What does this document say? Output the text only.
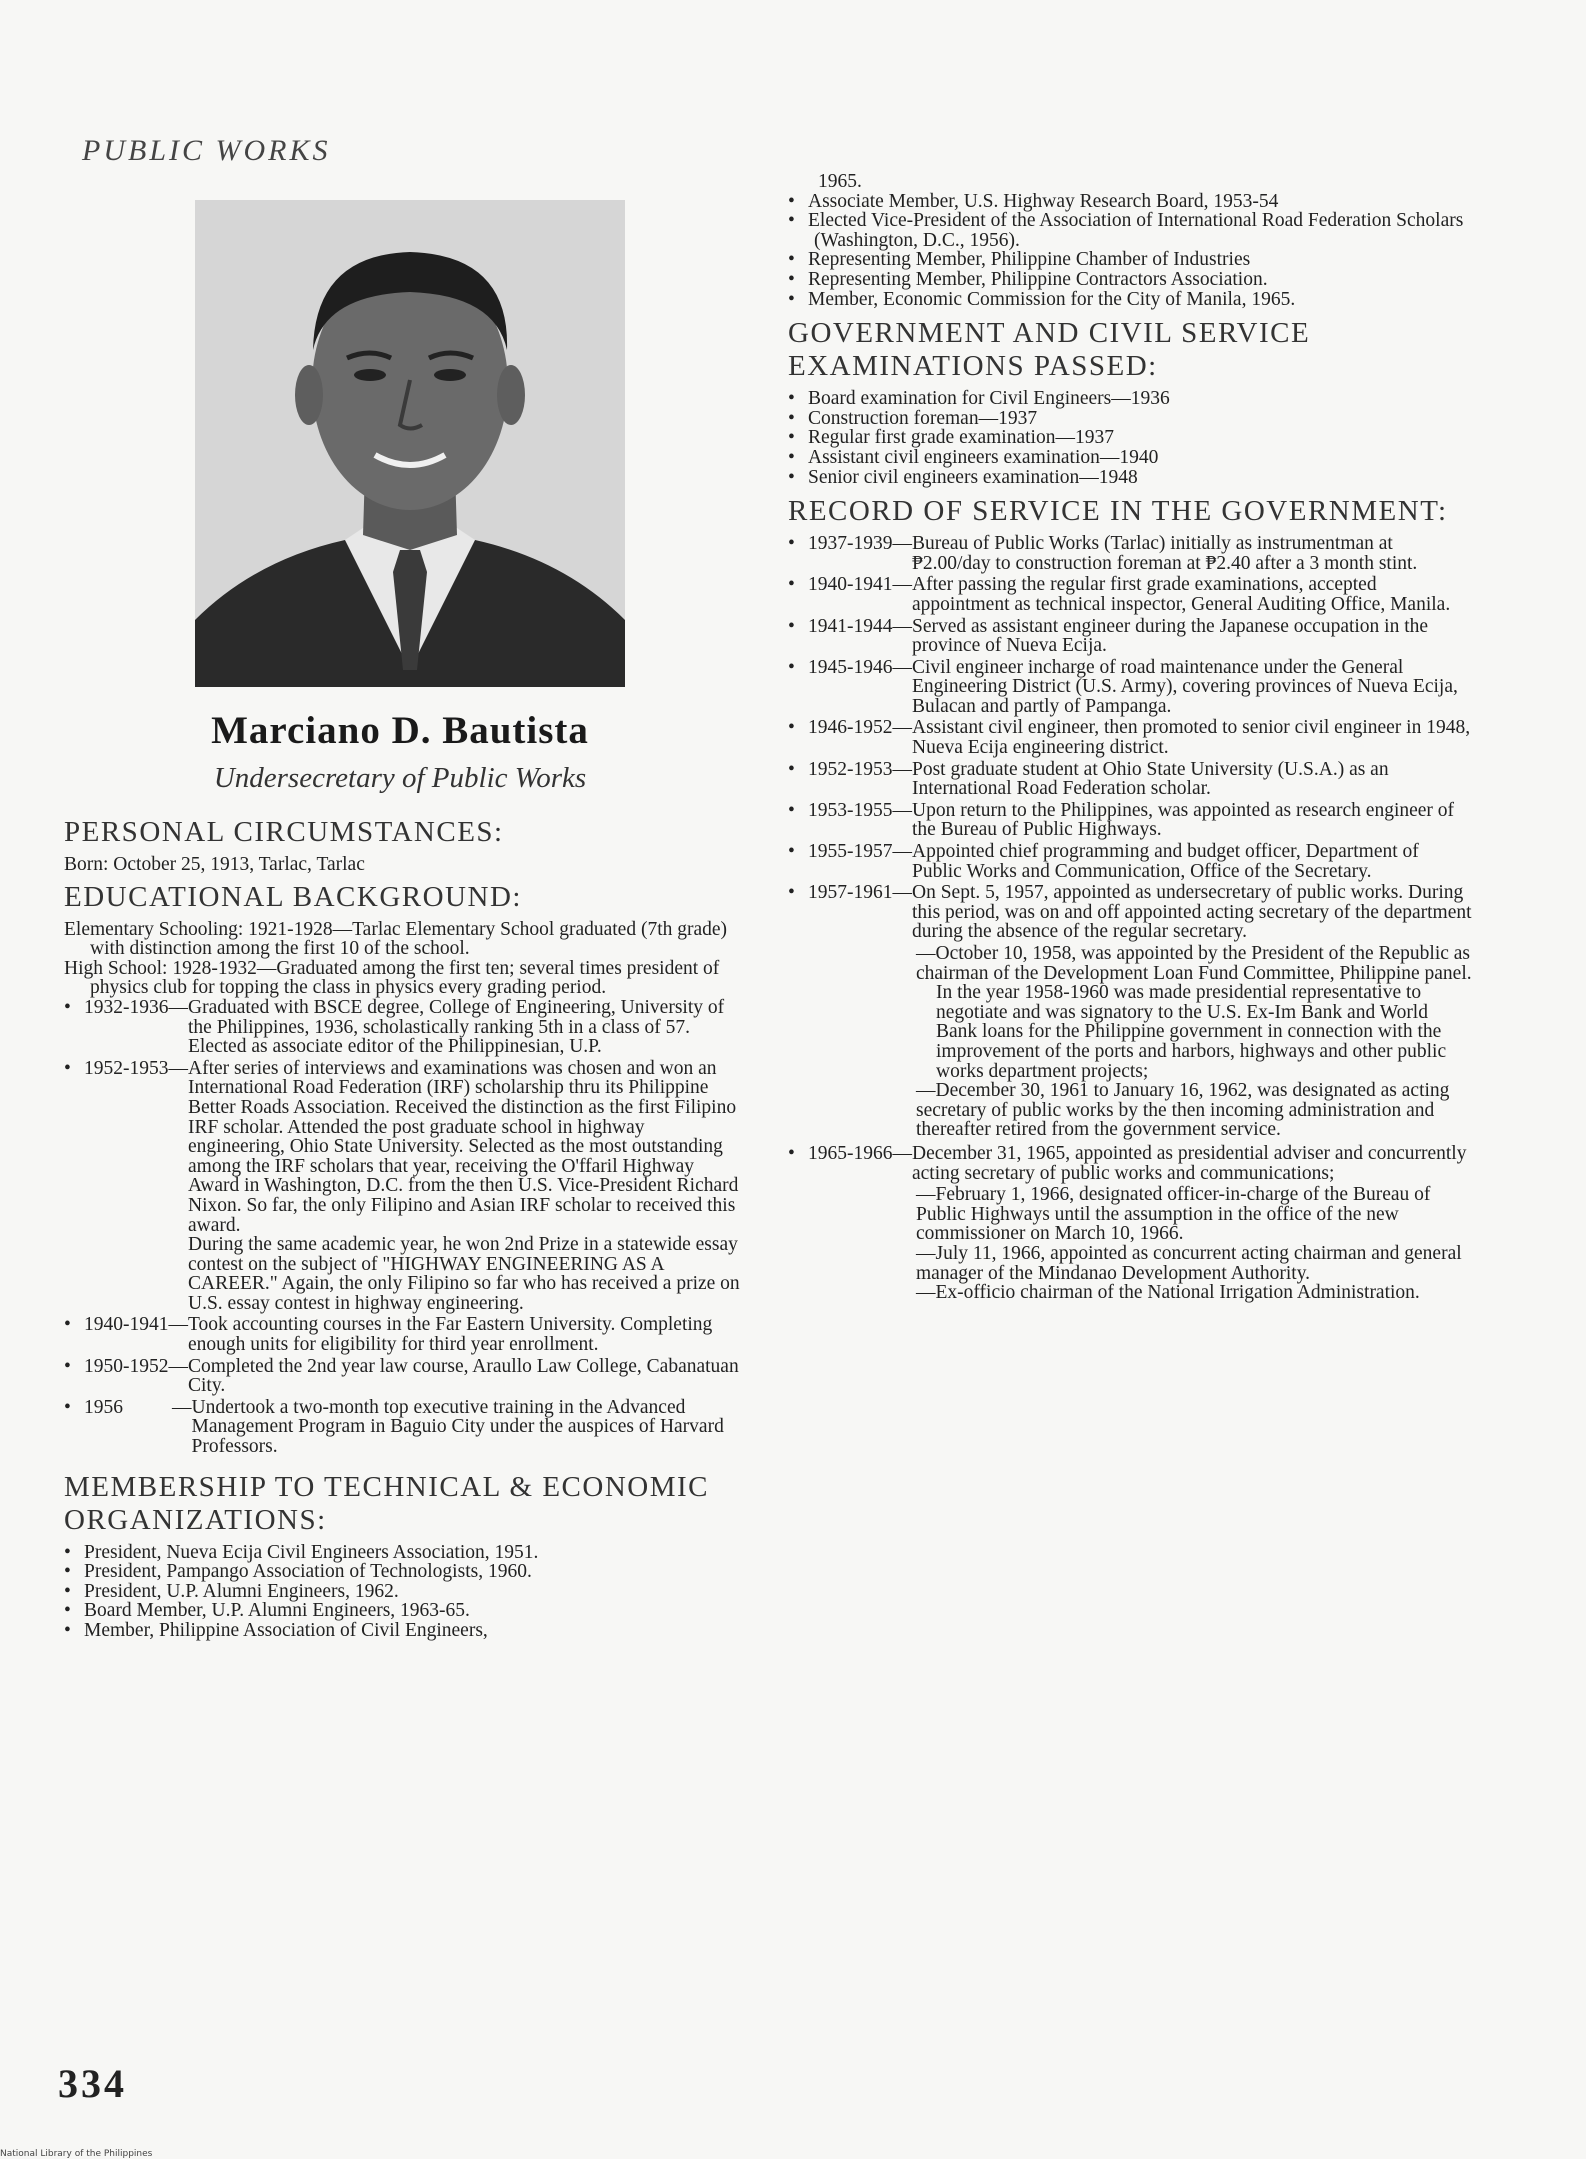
PUBLIC WORKS
Marciano D. Bautista
Undersecretary of Public Works
PERSONAL CIRCUMSTANCES:
Born: October 25, 1913, Tarlac, Tarlac
EDUCATIONAL BACKGROUND:
Elementary Schooling: 1921-1928—Tarlac Elementary School graduated (7th grade) with distinction among the first 10 of the school.
High School: 1928-1932—Graduated among the first ten; several times president of physics club for topping the class in physics every grading period.
• 1932-1936 — Graduated with BSCE degree, College of Engineering, University of the Philippines, 1936, scholastically ranking 5th in a class of 57. Elected as associate editor of the Philippinesian, U.P.
• 1952-1953 — After series of interviews and examinations was chosen and won an International Road Federation (IRF) scholarship thru its Philippine Better Roads Association. Received the distinction as the first Filipino IRF scholar. Attended the post graduate school in highway engineering, Ohio State University. Selected as the most outstanding among the IRF scholars that year, receiving the O'ffaril Highway Award in Washington, D.C. from the then U.S. Vice-President Richard Nixon. So far, the only Filipino and Asian IRF scholar to received this award.
During the same academic year, he won 2nd Prize in a statewide essay contest on the subject of "HIGHWAY ENGINEERING AS A CAREER." Again, the only Filipino so far who has received a prize on U.S. essay contest in highway engineering.
• 1940-1941 — Took accounting courses in the Far Eastern University. Completing enough units for eligibility for third year enrollment.
• 1950-1952 — Completed the 2nd year law course, Araullo Law College, Cabanatuan City.
• 1956	— Undertook a two-month top executive training in the Advanced Management Program in Baguio City under the auspices of Harvard Professors.
MEMBERSHIP TO TECHNICAL & ECONOMIC ORGANIZATIONS:
• President, Nueva Ecija Civil Engineers Association, 1951.
• President, Pampango Association of Technologists, 1960.
• President, U.P. Alumni Engineers, 1962.
• Board Member, U.P. Alumni Engineers, 1963-65.
• Member, Philippine Association of Civil Engineers,
1965.
• Associate Member, U.S. Highway Research Board, 1953-54
• Elected Vice-President of the Association of International Road Federation Scholars (Washington, D.C., 1956).
• Representing Member, Philippine Chamber of Industries
• Representing Member, Philippine Contractors Association.
• Member, Economic Commission for the City of Manila, 1965.
GOVERNMENT AND CIVIL SERVICE EXAMINATIONS PASSED:
• Board examination for Civil Engineers—1936
• Construction foreman—1937
• Regular first grade examination—1937
• Assistant civil engineers examination—1940
• Senior civil engineers examination—1948
RECORD OF SERVICE IN THE GOVERNMENT:
• 1937-1939 — Bureau of Public Works (Tarlac) initially as instrumentman at ₱2.00/day to construction foreman at ₱2.40 after a 3 month stint.
• 1940-1941 — After passing the regular first grade examinations, accepted appointment as technical inspector, General Auditing Office, Manila.
• 1941-1944 — Served as assistant engineer during the Japanese occupation in the province of Nueva Ecija.
• 1945-1946 — Civil engineer incharge of road maintenance under the General Engineering District (U.S. Army), covering provinces of Nueva Ecija, Bulacan and partly of Pampanga.
• 1946-1952 — Assistant civil engineer, then promoted to senior civil engineer in 1948, Nueva Ecija engineering district.
• 1952-1953 — Post graduate student at Ohio State University (U.S.A.) as an International Road Federation scholar.
• 1953-1955 — Upon return to the Philippines, was appointed as research engineer of the Bureau of Public Highways.
• 1955-1957 — Appointed chief programming and budget officer, Department of Public Works and Communication, Office of the Secretary.
• 1957-1961 — On Sept. 5, 1957, appointed as undersecretary of public works. During this period, was on and off appointed acting secretary of the department during the absence of the regular secretary.
—October 10, 1958, was appointed by the President of the Republic as chairman of the Development Loan Fund Committee, Philippine panel.
In the year 1958-1960 was made presidential representative to negotiate and was signatory to the U.S. Ex-Im Bank and World Bank loans for the Philippine government in connection with the improvement of the ports and harbors, highways and other public works department projects;
—December 30, 1961 to January 16, 1962, was designated as acting secretary of public works by the then incoming administration and thereafter retired from the government service.
• 1965-1966 — December 31, 1965, appointed as presidential adviser and concurrently acting secretary of public works and communications;
—February 1, 1966, designated officer-in-charge of the Bureau of Public Highways until the assumption in the office of the new commissioner on March 10, 1966.
—July 11, 1966, appointed as concurrent acting chairman and general manager of the Mindanao Development Authority.
—Ex-officio chairman of the National Irrigation Administration.
334
National Library of the Philippines
